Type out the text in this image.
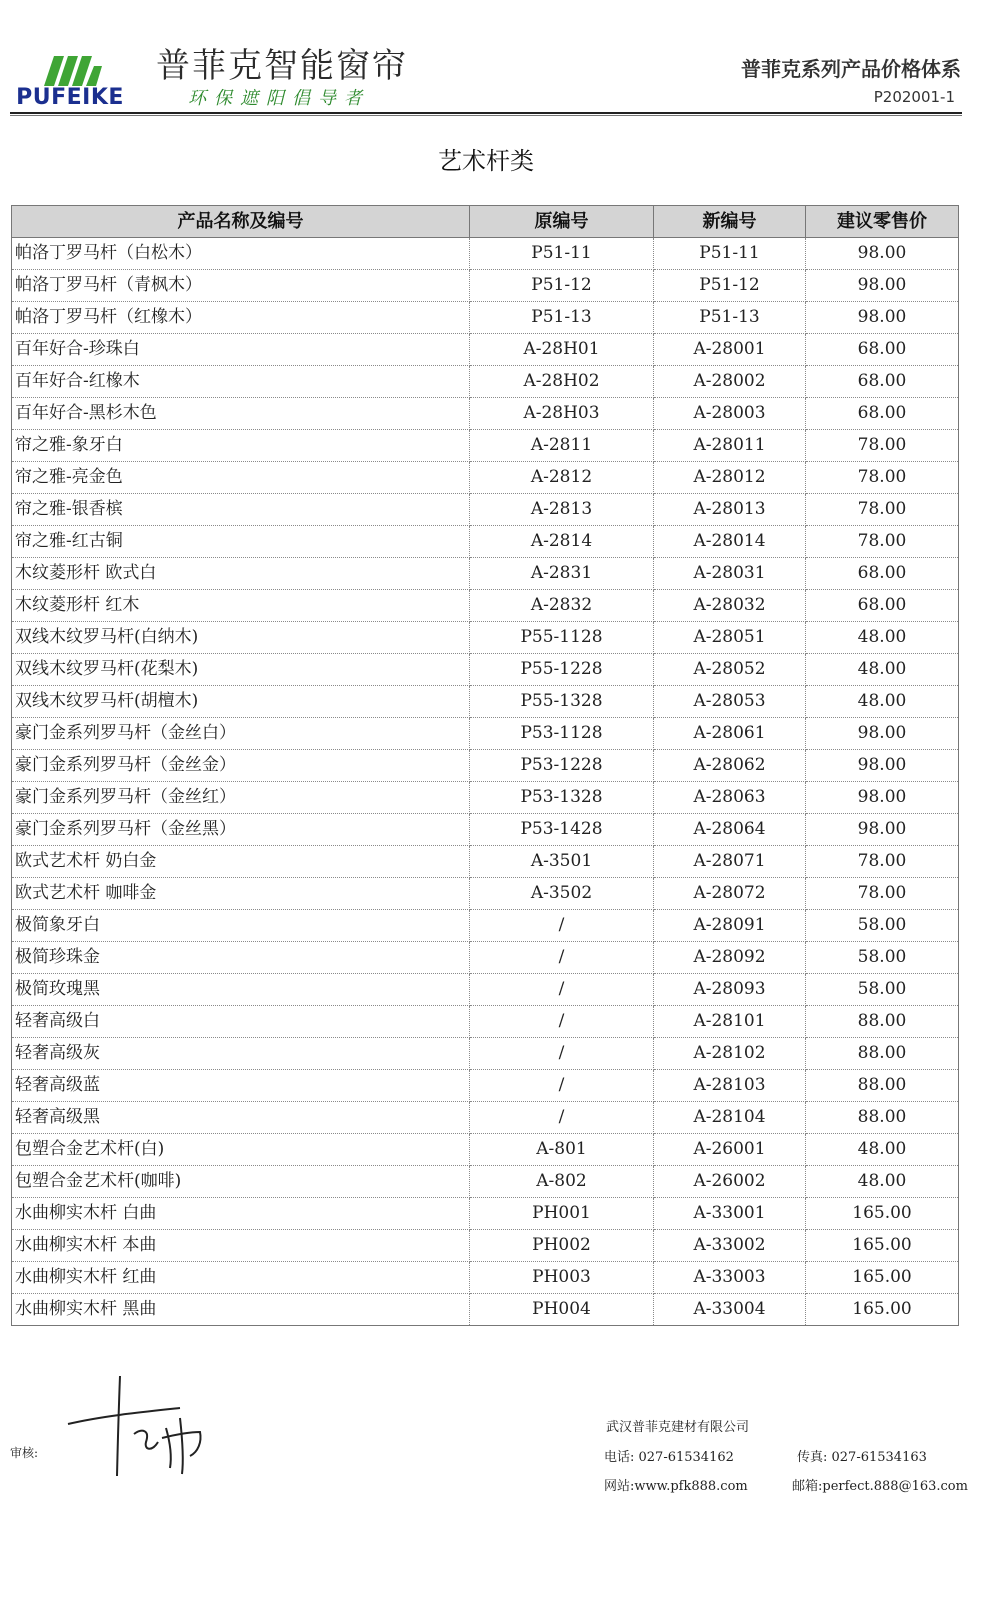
PUFEIKE
普菲克智能窗帘
环保遮阳倡导者
普菲克系列产品价格体系
P202001-1
艺术杆类
产品名称及编号	原编号	新编号	建议零售价
帕洛丁罗马杆（白松木）	P51-11	P51-11	98.00
帕洛丁罗马杆（青枫木）	P51-12	P51-12	98.00
帕洛丁罗马杆（红橡木）	P51-13	P51-13	98.00
百年好合-珍珠白	A-28H01	A-28001	68.00
百年好合-红橡木	A-28H02	A-28002	68.00
百年好合-黑杉木色	A-28H03	A-28003	68.00
帘之雅-象牙白	A-2811	A-28011	78.00
帘之雅-亮金色	A-2812	A-28012	78.00
帘之雅-银香槟	A-2813	A-28013	78.00
帘之雅-红古铜	A-2814	A-28014	78.00
木纹菱形杆 欧式白	A-2831	A-28031	68.00
木纹菱形杆 红木	A-2832	A-28032	68.00
双线木纹罗马杆(白纳木)	P55-1128	A-28051	48.00
双线木纹罗马杆(花梨木)	P55-1228	A-28052	48.00
双线木纹罗马杆(胡檀木)	P55-1328	A-28053	48.00
豪门金系列罗马杆（金丝白）	P53-1128	A-28061	98.00
豪门金系列罗马杆（金丝金）	P53-1228	A-28062	98.00
豪门金系列罗马杆（金丝红）	P53-1328	A-28063	98.00
豪门金系列罗马杆（金丝黑）	P53-1428	A-28064	98.00
欧式艺术杆 奶白金	A-3501	A-28071	78.00
欧式艺术杆 咖啡金	A-3502	A-28072	78.00
极简象牙白	/	A-28091	58.00
极简珍珠金	/	A-28092	58.00
极简玫瑰黑	/	A-28093	58.00
轻奢高级白	/	A-28101	88.00
轻奢高级灰	/	A-28102	88.00
轻奢高级蓝	/	A-28103	88.00
轻奢高级黑	/	A-28104	88.00
包塑合金艺术杆(白)	A-801	A-26001	48.00
包塑合金艺术杆(咖啡)	A-802	A-26002	48.00
水曲柳实木杆 白曲	PH001	A-33001	165.00
水曲柳实木杆 本曲	PH002	A-33002	165.00
水曲柳实木杆 红曲	PH003	A-33003	165.00
水曲柳实木杆 黑曲	PH004	A-33004	165.00
审核:
武汉普菲克建材有限公司
电话: 027-61534162	传真: 027-61534163
网站:www.pfk888.com	邮箱:perfect.888@163.com
